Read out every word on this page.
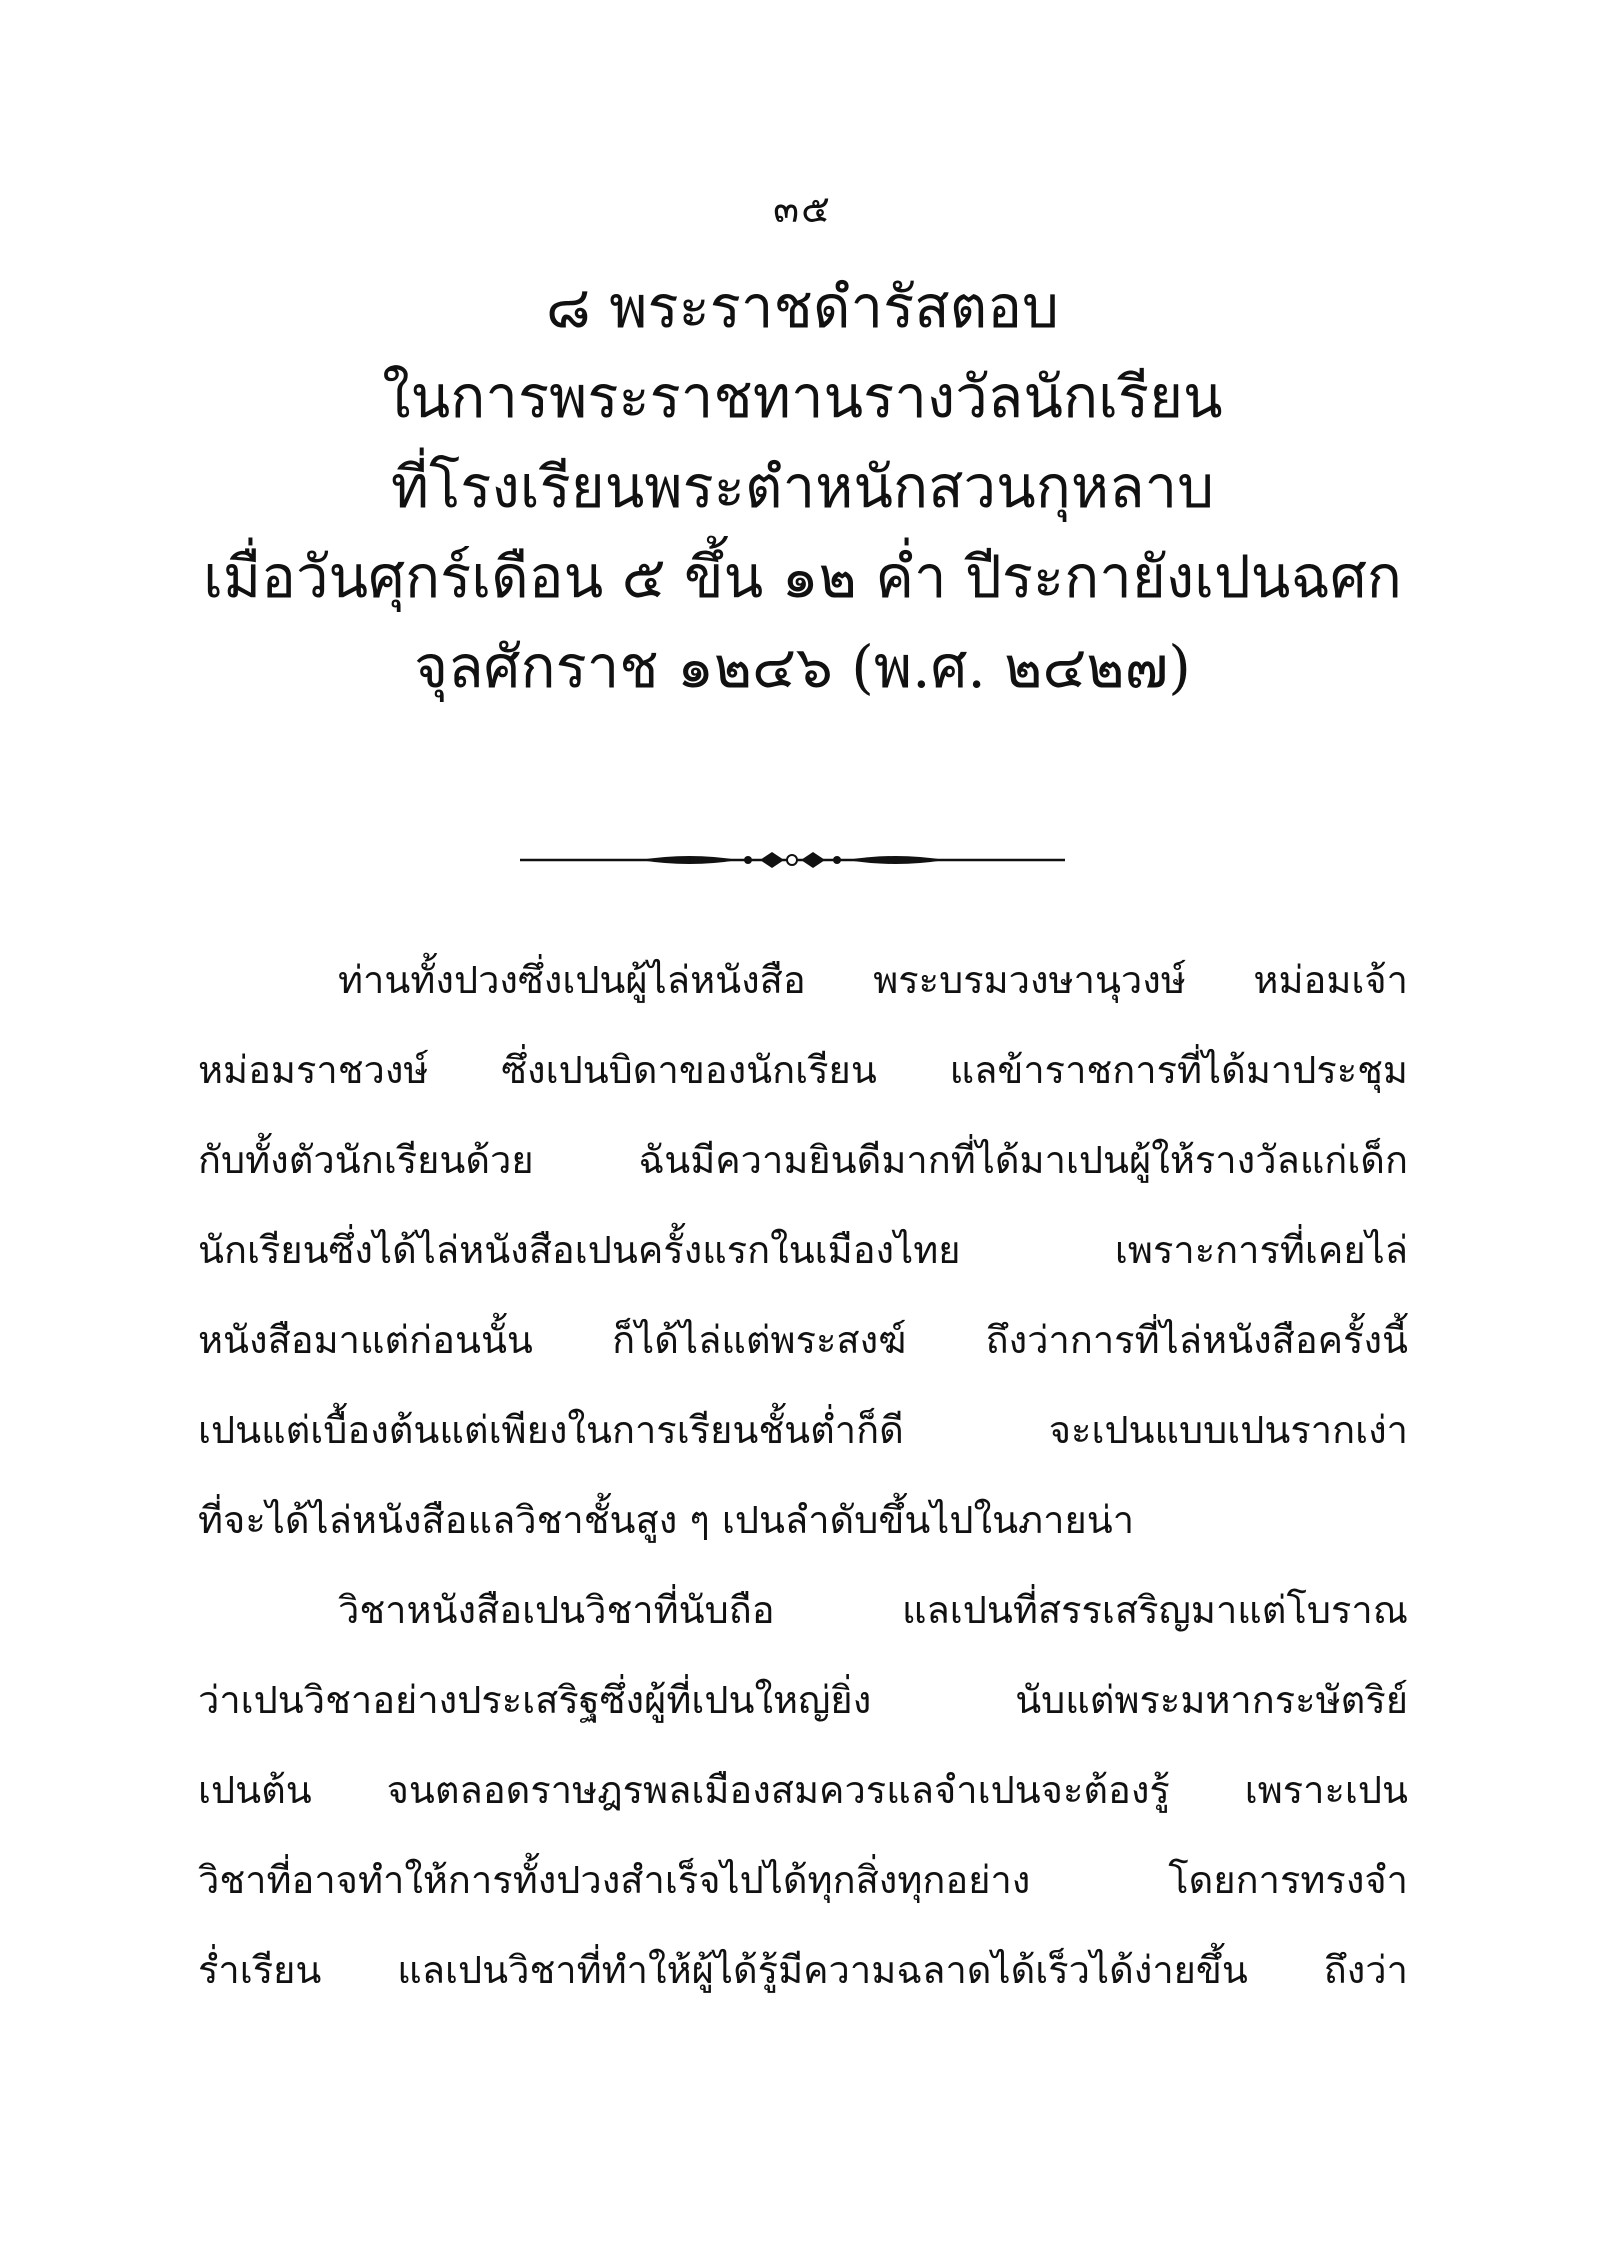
๓๕
๘ พระราชดำรัสตอบ
ในการพระราชทานรางวัลนักเรียน
ที่โรงเรียนพระตำหนักสวนกุหลาบ
เมื่อวันศุกร์เดือน ๕ ขึ้น ๑๒ ค่ำ ปีระกายังเปนฉศก
จุลศักราช ๑๒๔๖ (พ.ศ. ๒๔๒๗)
ท่านทั้งปวงซึ่งเปนผู้ไล่หนังสือ พระบรมวงษานุวงษ์ หม่อมเจ้า
หม่อมราชวงษ์ ซึ่งเปนบิดาของนักเรียน แลข้าราชการที่ได้มาประชุม
กับทั้งตัวนักเรียนด้วย ฉันมีความยินดีมากที่ได้มาเปนผู้ให้รางวัลแก่เด็ก
นักเรียนซึ่งได้ไล่หนังสือเปนครั้งแรกในเมืองไทย เพราะการที่เคยไล่
หนังสือมาแต่ก่อนนั้น ก็ได้ไล่แต่พระสงฆ์ ถึงว่าการที่ไล่หนังสือครั้งนี้
เปนแต่เบื้องต้นแต่เพียงในการเรียนชั้นต่ำก็ดี จะเปนแบบเปนรากเง่า
ที่จะได้ไล่หนังสือแลวิชาชั้นสูง ๆ เปนลำดับขึ้นไปในภายน่า
วิชาหนังสือเปนวิชาที่นับถือ แลเปนที่สรรเสริญมาแต่โบราณ
ว่าเปนวิชาอย่างประเสริฐซึ่งผู้ที่เปนใหญ่ยิ่ง นับแต่พระมหากระษัตริย์
เปนต้น จนตลอดราษฎรพลเมืองสมควรแลจำเปนจะต้องรู้ เพราะเปน
วิชาที่อาจทำให้การทั้งปวงสำเร็จไปได้ทุกสิ่งทุกอย่าง โดยการทรงจำ
ร่ำเรียน แลเปนวิชาที่ทำให้ผู้ได้รู้มีความฉลาดได้เร็วได้ง่ายขึ้น ถึงว่า
